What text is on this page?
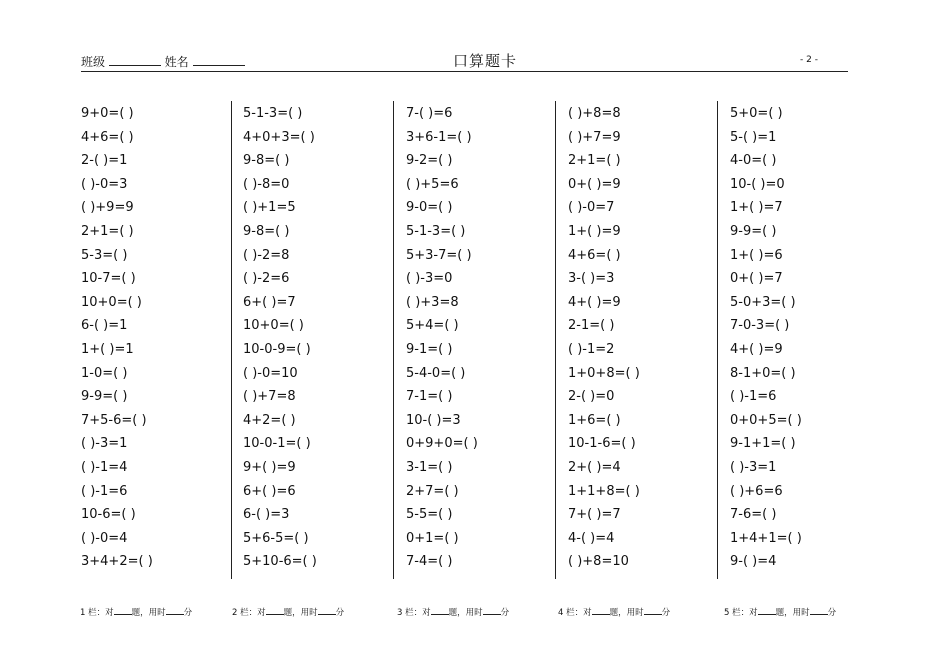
班级	姓名	口算题卡	- 2 -
9+0=( )
4+6=( )
2-( )=1
( )-0=3
( )+9=9
2+1=( )
5-3=( )
10-7=( )
10+0=( )
6-( )=1
1+( )=1
1-0=( )
9-9=( )
7+5-6=( )
( )-3=1
( )-1=4
( )-1=6
10-6=( )
( )-0=4
3+4+2=( )
5-1-3=( )
4+0+3=( )
9-8=( )
( )-8=0
( )+1=5
9-8=( )
( )-2=8
( )-2=6
6+( )=7
10+0=( )
10-0-9=( )
( )-0=10
( )+7=8
4+2=( )
10-0-1=( )
9+( )=9
6+( )=6
6-( )=3
5+6-5=( )
5+10-6=( )
7-( )=6
3+6-1=( )
9-2=( )
( )+5=6
9-0=( )
5-1-3=( )
5+3-7=( )
( )-3=0
( )+3=8
5+4=( )
9-1=( )
5-4-0=( )
7-1=( )
10-( )=3
0+9+0=( )
3-1=( )
2+7=( )
5-5=( )
0+1=( )
7-4=( )
( )+8=8
( )+7=9
2+1=( )
0+( )=9
( )-0=7
1+( )=9
4+6=( )
3-( )=3
4+( )=9
2-1=( )
( )-1=2
1+0+8=( )
2-( )=0
1+6=( )
10-1-6=( )
2+( )=4
1+1+8=( )
7+( )=7
4-( )=4
( )+8=10
5+0=( )
5-( )=1
4-0=( )
10-( )=0
1+( )=7
9-9=( )
1+( )=6
0+( )=7
5-0+3=( )
7-0-3=( )
4+( )=9
8-1+0=( )
( )-1=6
0+0+5=( )
9-1+1=( )
( )-3=1
( )+6=6
7-6=( )
1+4+1=( )
9-( )=4
1 栏：对 题，用时 分	2 栏：对 题，用时 分	3 栏：对 题，用时 分	4 栏：对 题，用时 分	5 栏：对 题，用时 分
